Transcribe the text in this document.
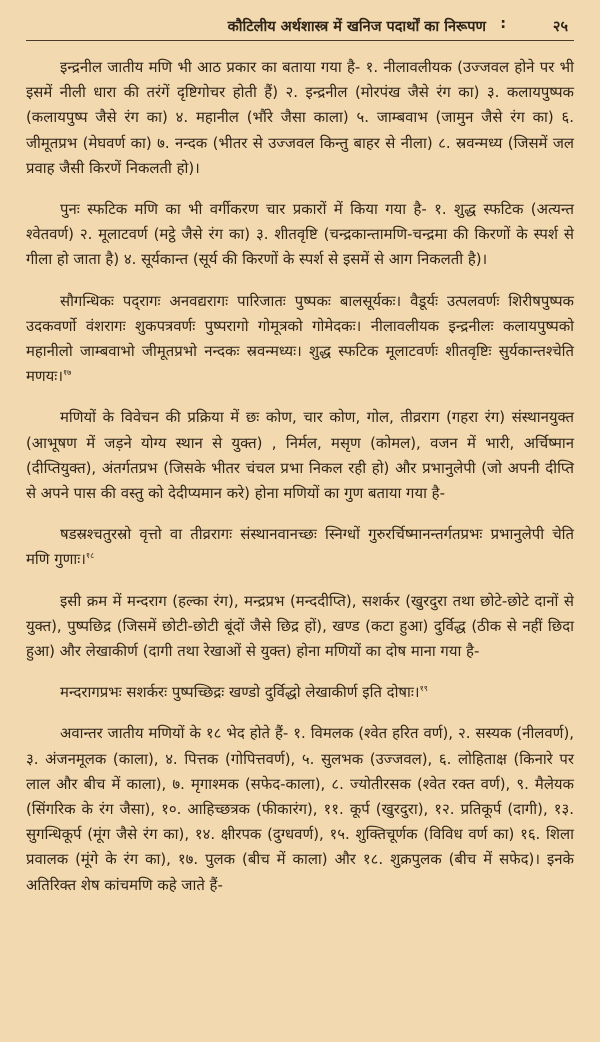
कौटिलीय अर्थशास्त्र में खनिज पदार्थों का निरूपण :	२५

इन्द्रनील जातीय मणि भी आठ प्रकार का बताया गया है- १. नीलावलीयक (उज्जवल होने पर भी इसमें नीली धारा की तरंगें दृष्टिगोचर होती हैं) २. इन्द्रनील (मोरपंख जैसे रंग का) ३. कलायपुष्पक (कलायपुष्प जैसे रंग का) ४. महानील (भौंरे जैसा काला) ५. जाम्बवाभ (जामुन जैसे रंग का) ६. जीमूतप्रभ (मेघवर्ण का) ७. नन्दक (भीतर से उज्जवल किन्तु बाहर से नीला) ८. स्रवन्मध्य (जिसमें जल प्रवाह जैसी किरणें निकलती हो)।

पुनः स्फटिक मणि का भी वर्गीकरण चार प्रकारों में किया गया है- १. शुद्ध स्फटिक (अत्यन्त श्वेतवर्ण) २. मूलाटवर्ण (मट्ठे जैसे रंग का) ३. शीतवृष्टि (चन्द्रकान्तामणि-चन्द्रमा की किरणों के स्पर्श से गीला हो जाता है) ४. सूर्यकान्त (सूर्य की किरणों के स्पर्श से इसमें से आग निकलती है)।

सौगन्धिकः पद्‌रागः अनवद्यरागः पारिजातः पुष्पकः बालसूर्यकः। वैडूर्यः उत्पलवर्णः शिरीषपुष्पक उदकवर्णो वंशरागः शुकपत्रवर्णः पुष्परागो गोमूत्रको गोमेदकः। नीलावलीयक इन्द्रनीलः कलायपुष्पको महानीलो जाम्बवाभो जीमूतप्रभो नन्दकः स्रवन्मध्यः। शुद्ध स्फटिक मूलाटवर्णः शीतवृष्टिः सुर्यकान्तश्चेति मणयः।$^{१७}$

मणियों के विवेचन की प्रक्रिया में छः कोण, चार कोण, गोल, तीव्रराग (गहरा रंग) संस्थानयुक्त (आभूषण में जड़ने योग्य स्थान से युक्त) , निर्मल, मसृण (कोमल), वजन में भारी, अर्चिष्मान (दीप्तियुक्त), अंतर्गतप्रभ (जिसके भीतर चंचल प्रभा निकल रही हो) और प्रभानुलेपी (जो अपनी दीप्ति से अपने पास की वस्तु को देदीप्यमान करे) होना मणियों का गुण बताया गया है-

षडस्रश्चतुरस्रो वृत्तो वा तीव्ररागः संस्थानवानच्छः स्निग्धों गुरुरर्चिष्मानन्तर्गतप्रभः प्रभानुलेपी चेति मणि गुणाः।$^{१८}$

इसी क्रम में मन्दराग (हल्का रंग), मन्द्रप्रभ (मन्ददीप्ति), सशर्कर (खुरदुरा तथा छोटे-छोटे दानों से युक्त), पुष्पछिद्र (जिसमें छोटी-छोटी बूंदों जैसे छिद्र हों), खण्ड (कटा हुआ) दुर्विद्ध (ठीक से नहीं छिदा हुआ) और लेखाकीर्ण (दागी तथा रेखाओं से युक्त) होना मणियों का दोष माना गया है-

मन्दरागप्रभः सशर्करः पुष्पच्छिद्रः खण्डो दुर्विद्धो लेखाकीर्ण इति दोषाः।$^{१९}$

अवान्तर जातीय मणियों के १८ भेद होते हैं- १. विमलक (श्वेत हरित वर्ण), २. सस्यक (नीलवर्ण), ३. अंजनमूलक (काला), ४. पित्तक (गोपित्तवर्ण), ५. सुलभक (उज्जवल), ६. लोहिताक्ष (किनारे पर लाल और बीच में काला), ७. मृगाश्मक (सफेद-काला), ८. ज्योतीरसक (श्वेत रक्त वर्ण), ९. मैलेयक (सिंगरिक के रंग जैसा), १०. आहिच्छत्रक (फीकारंग), ११. कूर्प (खुरदुरा), १२. प्रतिकूर्प (दागी), १३. सुगन्धिकूर्प (मूंग जैसे रंग का), १४. क्षीरपक (दुग्धवर्ण), १५. शुक्तिचूर्णक (विविध वर्ण का) १६. शिला प्रवालक (मूंगे के रंग का), १७. पुलक (बीच में काला) और १८. शुक्रपुलक (बीच में सफेद)। इनके अतिरिक्त शेष कांचमणि कहे जाते हैं-
